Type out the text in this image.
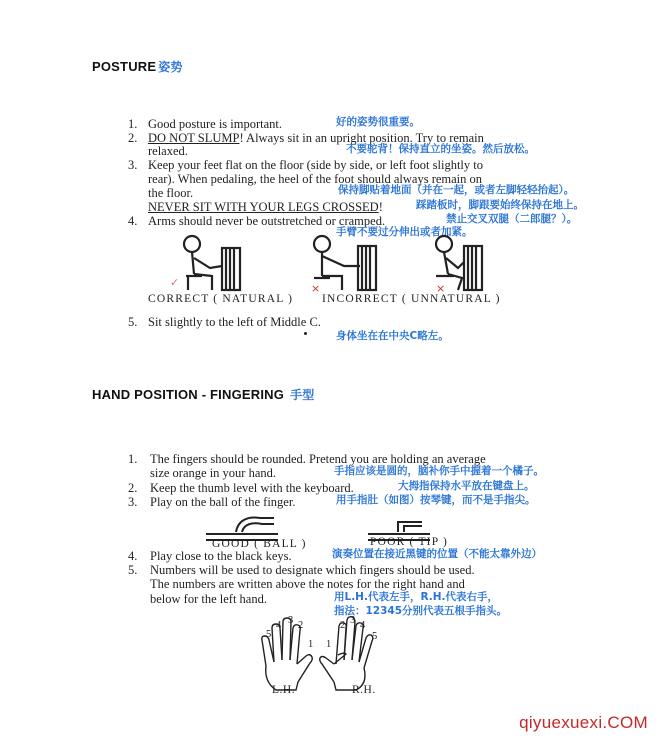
POSTURE 姿势
1. Good posture is important.	好的姿势很重要。
2. DO NOT SLUMP! Always sit in an upright position. Try to remain
relaxed.	不要驼背！保持直立的坐姿。然后放松。
3. Keep your feet flat on the floor (side by side, or left foot slightly to
rear). When pedaling, the heel of the foot should always remain on
the floor.	保持脚贴着地面（并在一起，或者左脚轻轻抬起）。
NEVER SIT WITH YOUR LEGS CROSSED!	踩踏板时，脚跟要始终保持在地上。
4. Arms should never be outstretched or cramped.	禁止交叉双腿（二郎腿？）。
手臂不要过分伸出或者加紧。
✓	×	×
CORRECT ( NATURAL )	INCORRECT ( UNNATURAL )
5. Sit slightly to the left of Middle C.
身体坐在在中央C略左。
HAND POSITION - FINGERING 手型
1. The fingers should be rounded. Pretend you are holding an average
size orange in your hand.	手指应该是圆的，脑补你手中握着一个橘子。
2. Keep the thumb level with the keyboard.	大拇指保持水平放在键盘上。
3. Play on the ball of the finger.	用手指肚（如图）按琴键，而不是手指尖。
GOOD ( BALL )	POOR ( TIP )
4. Play close to the black keys.	演奏位置在接近黑键的位置（不能太靠外边）
5. Numbers will be used to designate which fingers should be used.
The numbers are written above the notes for the right hand and
below for the left hand.	用L.H.代表左手，R.H.代表右手，
指法：12345分别代表五根手指头。
5
4 3 2
1 1
2 3 4
5
L.H.	R.H.
qiyuexuexi.COM
